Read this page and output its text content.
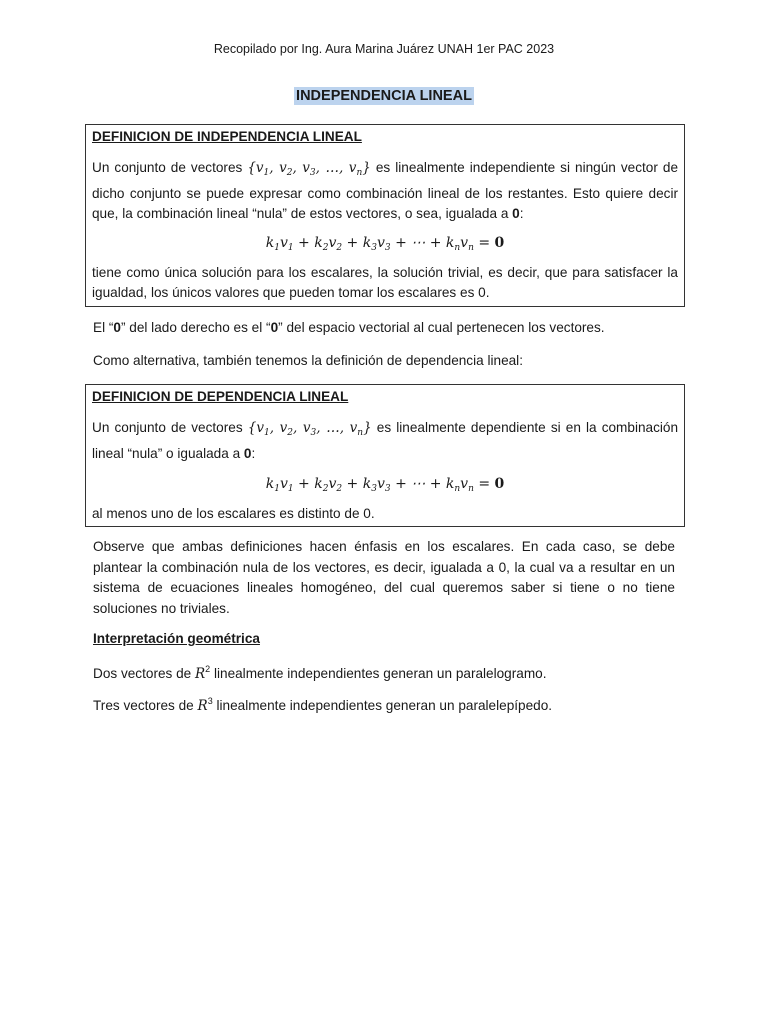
Recopilado por Ing. Aura Marina Juárez UNAH 1er PAC 2023
INDEPENDENCIA LINEAL
DEFINICION DE INDEPENDENCIA LINEAL

Un conjunto de vectores {$v_1$, $v_2$, $v_3$, …, $v_n$} es linealmente independiente si ningún vector de dicho conjunto se puede expresar como combinación lineal de los restantes. Esto quiere decir que, la combinación lineal “nula” de estos vectores, o sea, igualada a 0:

$k_1v_1 + k_2v_2 + k_3v_3$ + ⋯ + $k_nv_n = 0$

tiene como única solución para los escalares, la solución trivial, es decir, que para satisfacer la igualdad, los únicos valores que pueden tomar los escalares es 0.

El “0” del lado derecho es el “0” del espacio vectorial al cual pertenecen los vectores.
Como alternativa, también tenemos la definición de dependencia lineal:
DEFINICION DE DEPENDENCIA LINEAL

Un conjunto de vectores {$v_1$, $v_2$, $v_3$, …, $v_n$} es linealmente dependiente si en la combinación lineal “nula” o igualada a 0:

$k_1v_1 + k_2v_2 + k_3v_3$ + ⋯ + $k_nv_n = 0$

al menos uno de los escalares es distinto de 0.

Observe que ambas definiciones hacen énfasis en los escalares. En cada caso, se debe plantear la combinación nula de los vectores, es decir, igualada a 0, la cual va a resultar en un sistema de ecuaciones lineales homogéneo, del cual queremos saber si tiene o no tiene soluciones no triviales.
Interpretación geométrica
Dos vectores de $R^2$ linealmente independientes generan un paralelogramo.
Tres vectores de $R^3$ linealmente independientes generan un paralelepípedo.
